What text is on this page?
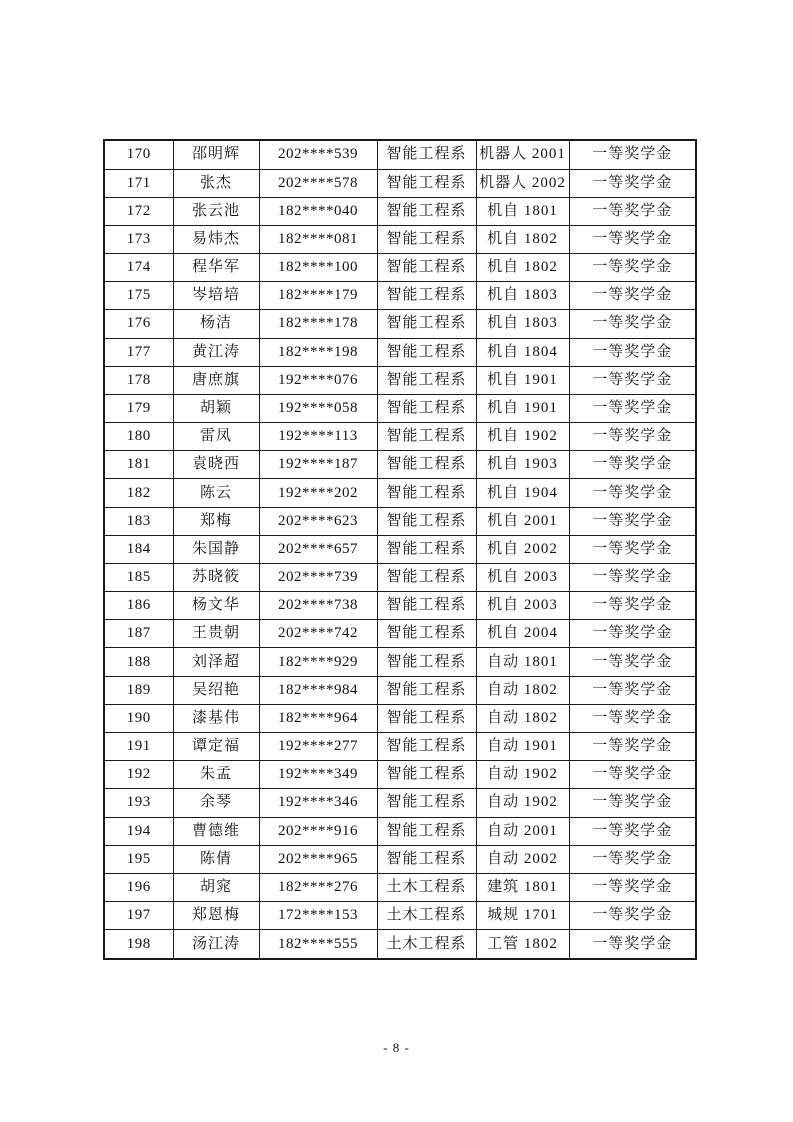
170	邵明辉	202****539	智能工程系	机器人 2001	一等奖学金
171	张杰	202****578	智能工程系	机器人 2002	一等奖学金
172	张云池	182****040	智能工程系	机自 1801	一等奖学金
173	易炜杰	182****081	智能工程系	机自 1802	一等奖学金
174	程华军	182****100	智能工程系	机自 1802	一等奖学金
175	岑培培	182****179	智能工程系	机自 1803	一等奖学金
176	杨洁	182****178	智能工程系	机自 1803	一等奖学金
177	黄江涛	182****198	智能工程系	机自 1804	一等奖学金
178	唐庶旗	192****076	智能工程系	机自 1901	一等奖学金
179	胡颖	192****058	智能工程系	机自 1901	一等奖学金
180	雷凤	192****113	智能工程系	机自 1902	一等奖学金
181	袁晓西	192****187	智能工程系	机自 1903	一等奖学金
182	陈云	192****202	智能工程系	机自 1904	一等奖学金
183	郑梅	202****623	智能工程系	机自 2001	一等奖学金
184	朱国静	202****657	智能工程系	机自 2002	一等奖学金
185	苏晓筱	202****739	智能工程系	机自 2003	一等奖学金
186	杨文华	202****738	智能工程系	机自 2003	一等奖学金
187	王贵朝	202****742	智能工程系	机自 2004	一等奖学金
188	刘泽超	182****929	智能工程系	自动 1801	一等奖学金
189	吴绍艳	182****984	智能工程系	自动 1802	一等奖学金
190	漆基伟	182****964	智能工程系	自动 1802	一等奖学金
191	谭定福	192****277	智能工程系	自动 1901	一等奖学金
192	朱孟	192****349	智能工程系	自动 1902	一等奖学金
193	余琴	192****346	智能工程系	自动 1902	一等奖学金
194	曹德维	202****916	智能工程系	自动 2001	一等奖学金
195	陈倩	202****965	智能工程系	自动 2002	一等奖学金
196	胡窕	182****276	土木工程系	建筑 1801	一等奖学金
197	郑恩梅	172****153	土木工程系	城规 1701	一等奖学金
198	汤江涛	182****555	土木工程系	工管 1802	一等奖学金
- 8 -
